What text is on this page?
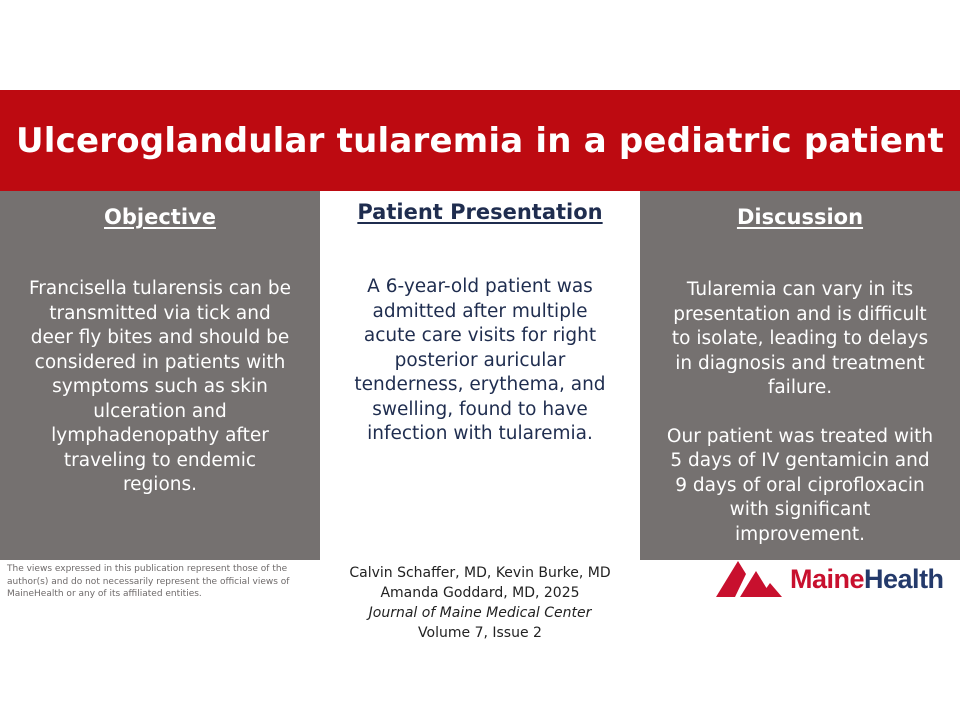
Ulceroglandular tularemia in a pediatric patient
Objective

Francisella tularensis can be transmitted via tick and deer fly bites and should be considered in patients with symptoms such as skin ulceration and lymphadenopathy after traveling to endemic regions.

Patient Presentation

A 6-year-old patient was admitted after multiple acute care visits for right posterior auricular tenderness, erythema, and swelling, found to have infection with tularemia.

Discussion

Tularemia can vary in its presentation and is difficult to isolate, leading to delays in diagnosis and treatment failure.

Our patient was treated with 5 days of IV gentamicin and 9 days of oral ciprofloxacin with significant improvement.

The views expressed in this publication represent those of the author(s) and do not necessarily represent the official views of MaineHealth or any of its affiliated entities.
Calvin Schaffer, MD, Kevin Burke, MD
Amanda Goddard, MD, 2025
Journal of Maine Medical Center
Volume 7, Issue 2
MaineHealth
